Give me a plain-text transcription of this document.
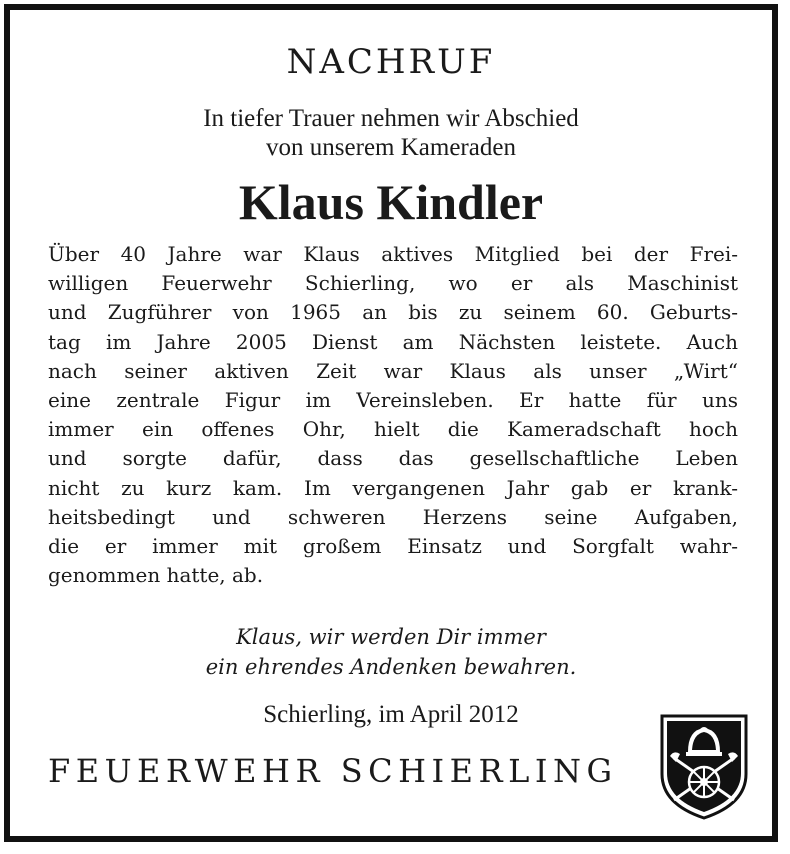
NACHRUF
In tiefer Trauer nehmen wir Abschied
von unserem Kameraden
Klaus Kindler
Über 40 Jahre war Klaus aktives Mitglied bei der Frei-
willigen Feuerwehr Schierling, wo er als Maschinist
und Zugführer von 1965 an bis zu seinem 60. Geburts-
tag im Jahre 2005 Dienst am Nächsten leistete. Auch
nach seiner aktiven Zeit war Klaus als unser „Wirt“
eine zentrale Figur im Vereinsleben. Er hatte für uns
immer ein offenes Ohr, hielt die Kameradschaft hoch
und sorgte dafür, dass das gesellschaftliche Leben
nicht zu kurz kam. Im vergangenen Jahr gab er krank-
heitsbedingt und schweren Herzens seine Aufgaben,
die er immer mit großem Einsatz und Sorgfalt wahr-
genommen hatte, ab.
Klaus, wir werden Dir immer
ein ehrendes Andenken bewahren.
Schierling, im April 2012
FEUERWEHR SCHIERLING
